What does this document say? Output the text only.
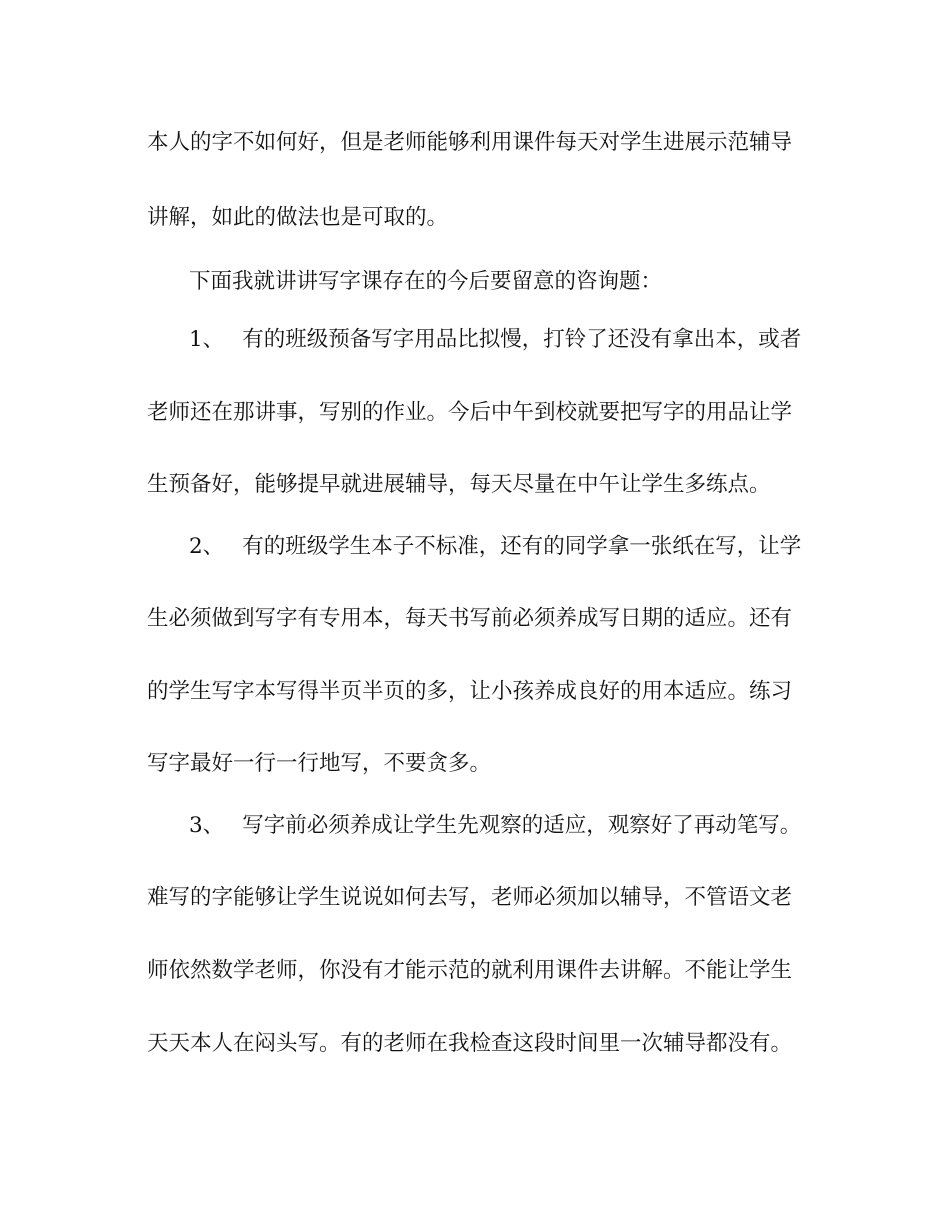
本人的字不如何好，但是老师能够利用课件每天对学生进展示范辅导
讲解，如此的做法也是可取的。
下面我就讲讲写字课存在的今后要留意的咨询题：
1、 有的班级预备写字用品比拟慢，打铃了还没有拿出本，或者
老师还在那讲事，写别的作业。今后中午到校就要把写字的用品让学
生预备好，能够提早就进展辅导，每天尽量在中午让学生多练点。
2、 有的班级学生本子不标准，还有的同学拿一张纸在写，让学
生必须做到写字有专用本，每天书写前必须养成写日期的适应。还有
的学生写字本写得半页半页的多，让小孩养成良好的用本适应。练习
写字最好一行一行地写，不要贪多。
3、 写字前必须养成让学生先观察的适应，观察好了再动笔写。
难写的字能够让学生说说如何去写，老师必须加以辅导，不管语文老
师依然数学老师，你没有才能示范的就利用课件去讲解。不能让学生
天天本人在闷头写。有的老师在我检查这段时间里一次辅导都没有。
